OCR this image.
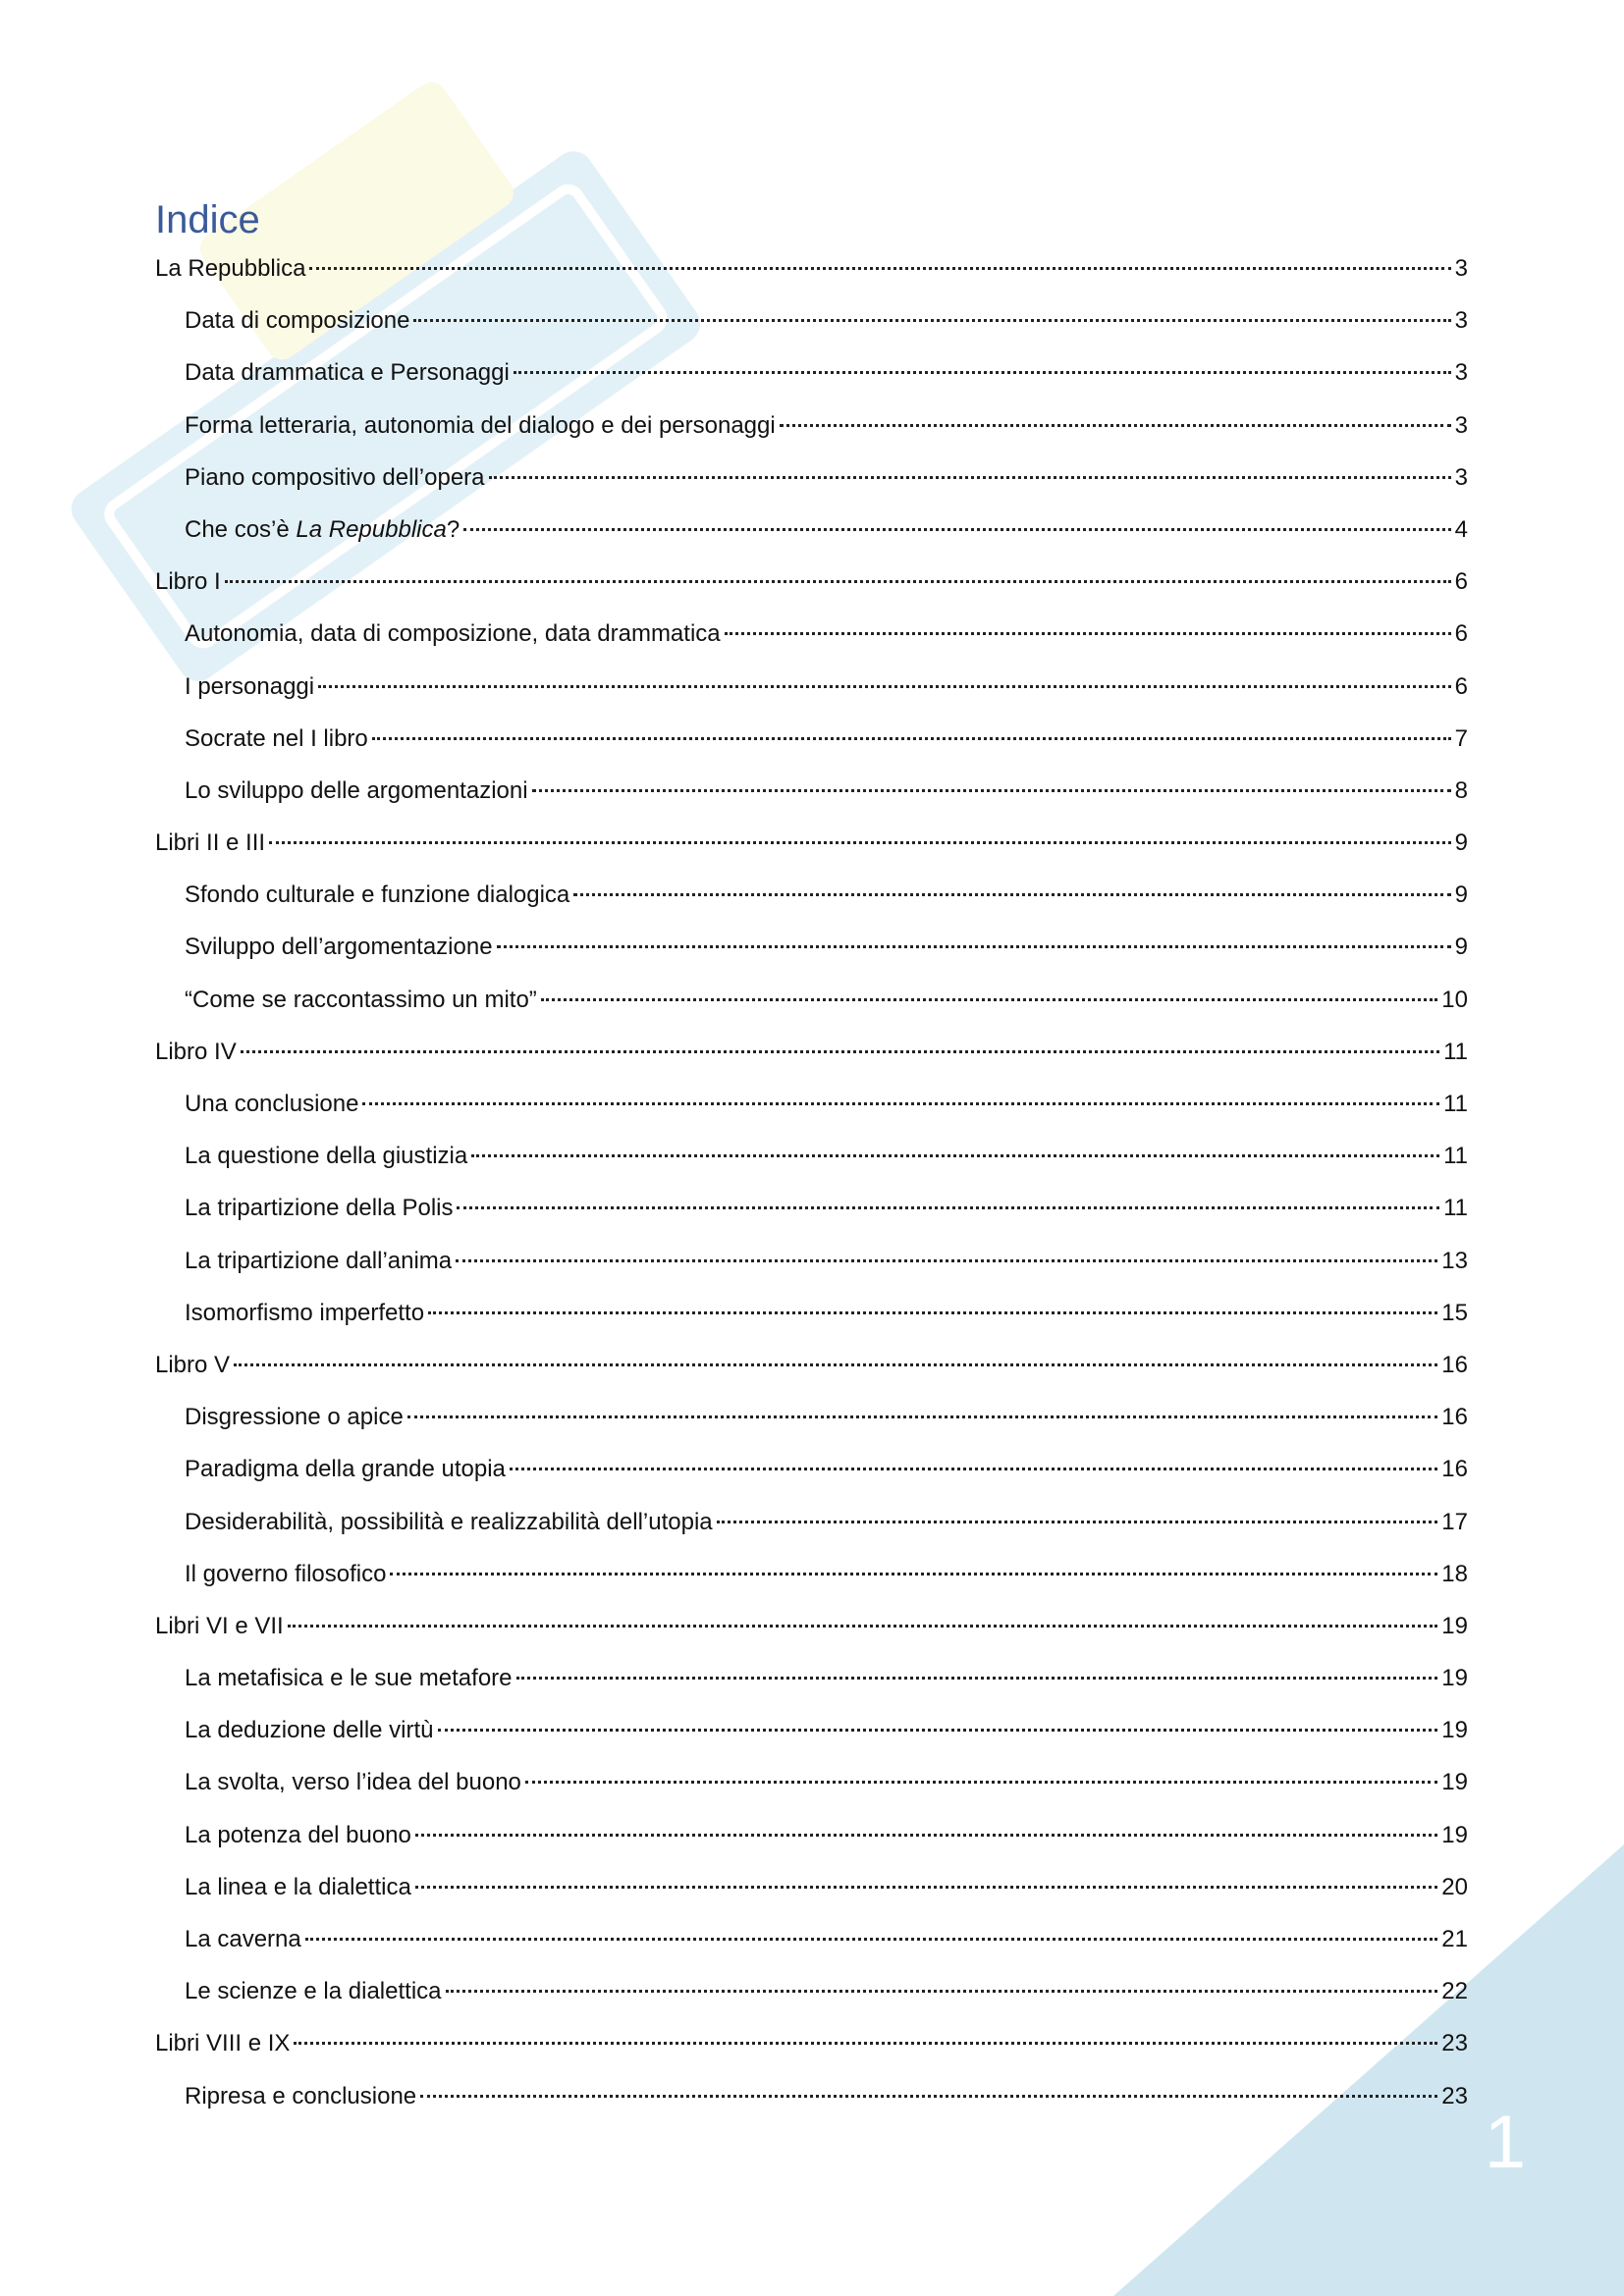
1
Indice
La Repubblica	3
Data di composizione	3
Data drammatica e Personaggi	3
Forma letteraria, autonomia del dialogo e dei personaggi	3
Piano compositivo dell’opera	3
Che cos’è La Repubblica?	4
Libro I	6
Autonomia, data di composizione, data drammatica	6
I personaggi	6
Socrate nel I libro	7
Lo sviluppo delle argomentazioni	8
Libri II e III	9
Sfondo culturale e funzione dialogica	9
Sviluppo dell’argomentazione	9
“Come se raccontassimo un mito”	10
Libro IV	11
Una conclusione	11
La questione della giustizia	11
La tripartizione della Polis	11
La tripartizione dall’anima	13
Isomorfismo imperfetto	15
Libro V	16
Disgressione o apice	16
Paradigma della grande utopia	16
Desiderabilità, possibilità e realizzabilità dell’utopia	17
Il governo filosofico	18
Libri VI e VII	19
La metafisica e le sue metafore	19
La deduzione delle virtù	19
La svolta, verso l’idea del buono	19
La potenza del buono	19
La linea e la dialettica	20
La caverna	21
Le scienze e la dialettica	22
Libri VIII e IX	23
Ripresa e conclusione	23
